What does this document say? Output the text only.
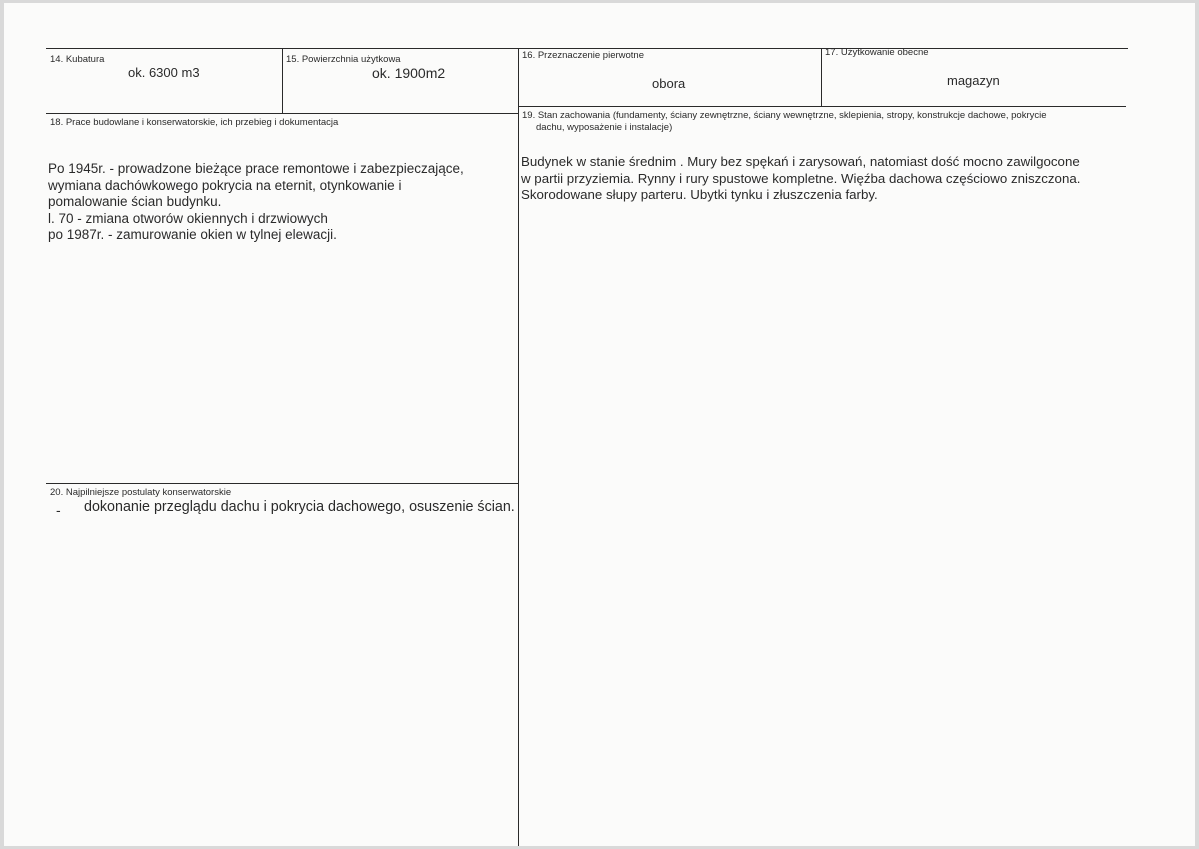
14. Kubatura
ok. 6300 m3
15. Powierzchnia użytkowa
ok. 1900m2
16. Przeznaczenie pierwotne
obora
17. Użytkowanie obecne
magazyn
18. Prace budowlane i konserwatorskie, ich przebieg i dokumentacja
Po 1945r. - prowadzone bieżące prace remontowe i zabezpieczające,
wymiana dachówkowego pokrycia na eternit, otynkowanie i
pomalowanie ścian budynku.
l. 70 - zmiana otworów okiennych i drzwiowych
po 1987r. - zamurowanie okien w tylnej elewacji.
19. Stan zachowania (fundamenty, ściany zewnętrzne, ściany wewnętrzne, sklepienia, stropy, konstrukcje dachowe, pokrycie
dachu, wyposażenie i instalacje)
Budynek w stanie średnim . Mury bez spękań i zarysowań, natomiast dość mocno zawilgocone
w partii przyziemia. Rynny i rury spustowe kompletne. Więźba dachowa częściowo zniszczona.
Skorodowane słupy parteru. Ubytki tynku i złuszczenia farby.
20. Najpilniejsze postulaty konserwatorskie
- dokonanie przeglądu dachu i pokrycia dachowego, osuszenie ścian.
